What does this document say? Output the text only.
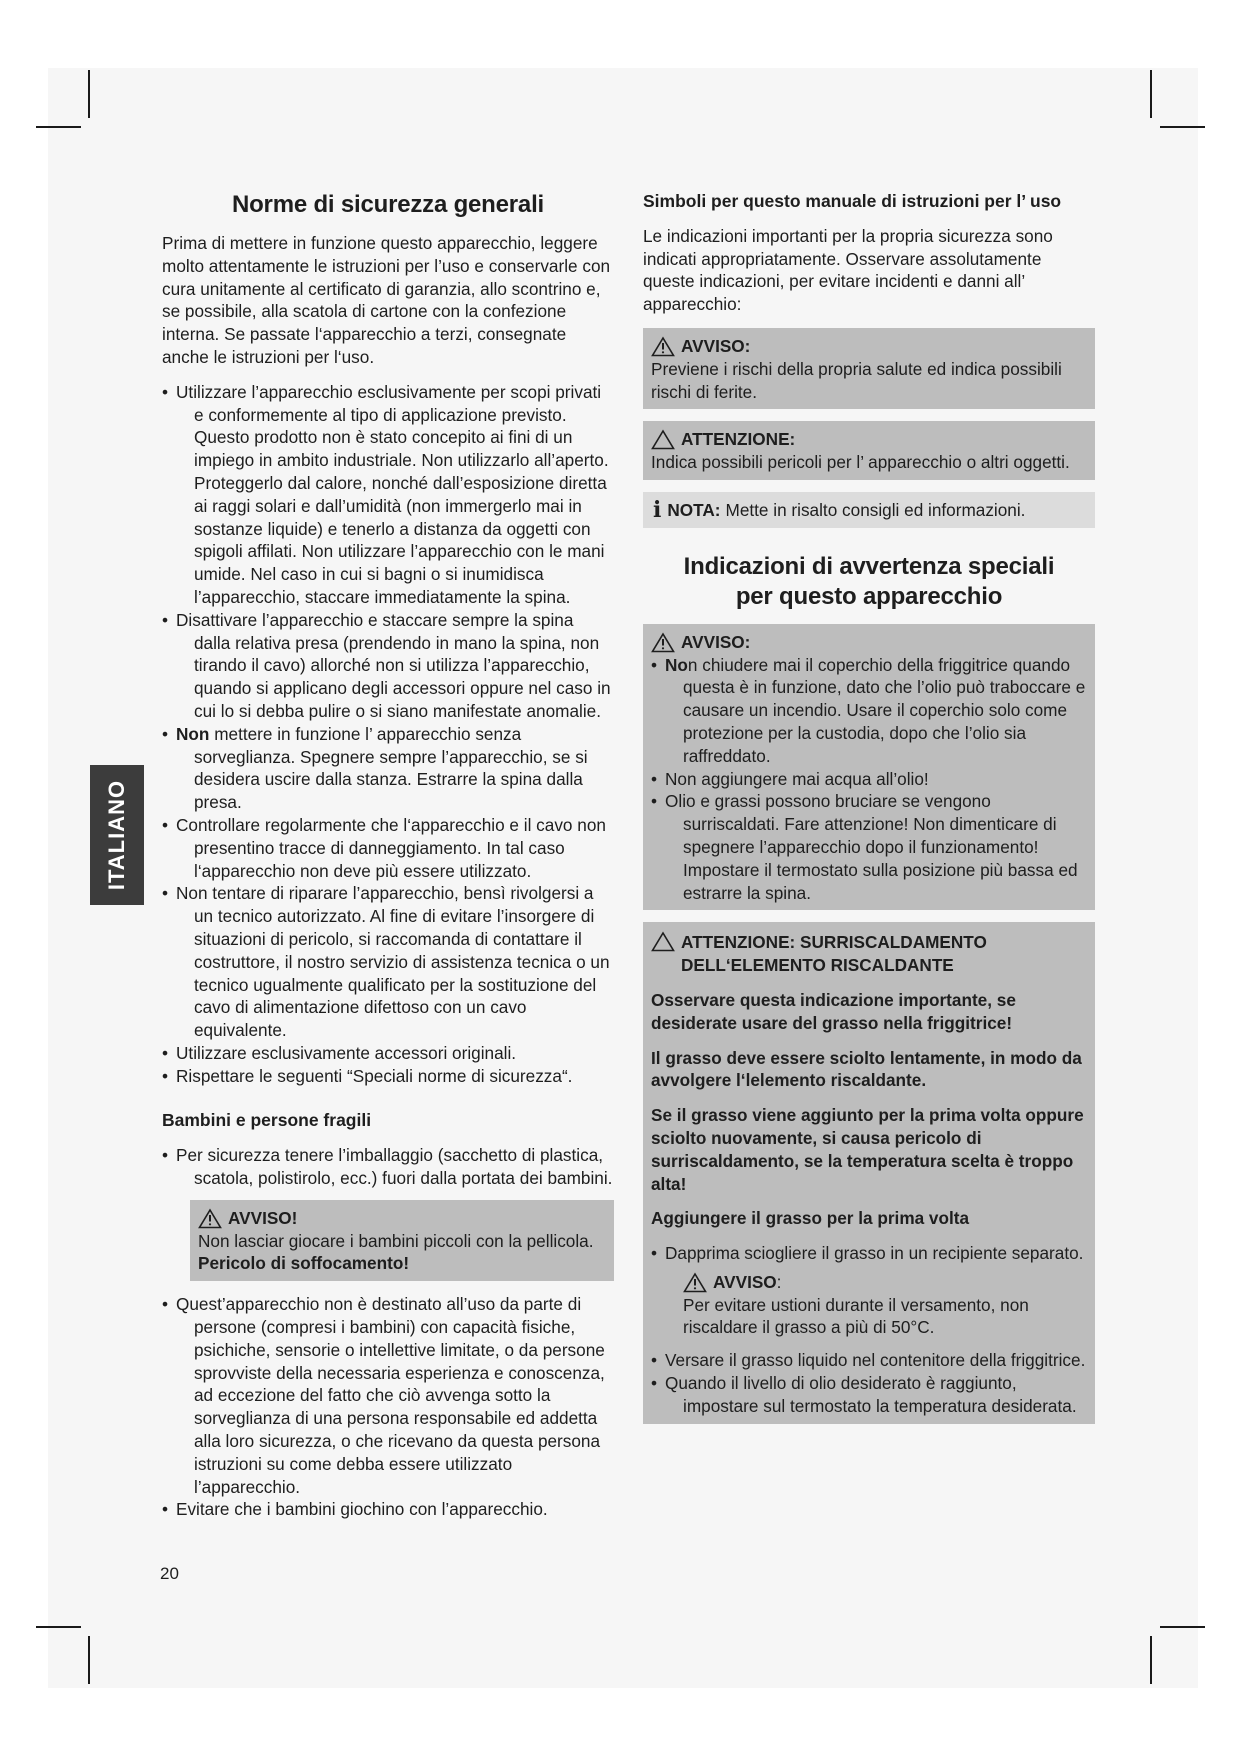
ITALIANO
Norme di sicurezza generali

Prima di mettere in funzione questo apparecchio, leggere molto attentamente le istruzioni per l’uso e conservarle con cura unitamente al certificato di garanzia, allo scontrino e, se possibile, alla scatola di cartone con la confezione interna. Se passate l‘apparecchio a terzi, consegnate anche le istruzioni per l‘uso.

• Utilizzare l’apparecchio esclusivamente per scopi privati e conformemente al tipo di applicazione previsto. Questo prodotto non è stato concepito ai fini di un impiego in ambito industriale. Non utilizzarlo all’aperto. Proteggerlo dal calore, nonché dall’esposizione diretta ai raggi solari e dall’umidità (non immergerlo mai in sostanze liquide) e tenerlo a distanza da oggetti con spigoli affilati. Non utilizzare l’apparecchio con le mani umide. Nel caso in cui si bagni o si inumidisca l’apparecchio, staccare immediatamente la spina.
• Disattivare l’apparecchio e staccare sempre la spina dalla relativa presa (prendendo in mano la spina, non tirando il cavo) allorché non si utilizza l’apparecchio, quando si applicano degli accessori oppure nel caso in cui lo si debba pulire o si siano manifestate anomalie.
• Non mettere in funzione l’ apparecchio senza sorveglianza. Spegnere sempre l’apparecchio, se si desidera uscire dalla stanza. Estrarre la spina dalla presa.
• Controllare regolarmente che l‘apparecchio e il cavo non presentino tracce di danneggiamento. In tal caso l‘apparecchio non deve più essere utilizzato.
• Non tentare di riparare l’apparecchio, bensì rivolgersi a un tecnico autorizzato. Al fine di evitare l’insorgere di situazioni di pericolo, si raccomanda di contattare il costruttore, il nostro servizio di assistenza tecnica o un tecnico ugualmente qualificato per la sostituzione del cavo di alimentazione difettoso con un cavo equivalente.
• Utilizzare esclusivamente accessori originali.
• Rispettare le seguenti “Speciali norme di sicurezza“.
Bambini e persone fragili
• Per sicurezza tenere l’imballaggio (sacchetto di plastica, scatola, polistirolo, ecc.) fuori dalla portata dei bambini.
AVVISO!
Non lasciar giocare i bambini piccoli con la pellicola.
Pericolo di soffocamento!
• Quest’apparecchio non è destinato all’uso da parte di persone (compresi i bambini) con capacità fisiche, psichiche, sensorie o intellettive limitate, o da persone sprovviste della necessaria esperienza e conoscenza, ad eccezione del fatto che ciò avvenga sotto la sorveglianza di una persona responsabile ed addetta alla loro sicurezza, o che ricevano da questa persona istruzioni su come debba essere utilizzato l’apparecchio.
• Evitare che i bambini giochino con l’apparecchio.
Simboli per questo manuale di istruzioni per l’ uso

Le indicazioni importanti per la propria sicurezza sono indicati appropriatamente. Osservare assolutamente queste indicazioni, per evitare incidenti e danni all’ apparecchio:

AVVISO:
Previene i rischi della propria salute ed indica possibili rischi di ferite.
ATTENZIONE:
Indica possibili pericoli per l’ apparecchio o altri oggetti.
i NOTA: Mette in risalto consigli ed informazioni.
Indicazioni di avvertenza speciali
per questo apparecchio
AVVISO:
• Non chiudere mai il coperchio della friggitrice quando questa è in funzione, dato che l’olio può traboccare e causare un incendio. Usare il coperchio solo come protezione per la custodia, dopo che l’olio sia raffreddato.
• Non aggiungere mai acqua all’olio!
• Olio e grassi possono bruciare se vengono surriscaldati. Fare attenzione! Non dimenticare di spegnere l’apparecchio dopo il funzionamento! Impostare il termostato sulla posizione più bassa ed estrarre la spina.
ATTENZIONE: SURRISCALDAMENTO
DELL‘ELEMENTO RISCALDANTE

Osservare questa indicazione importante, se desiderate usare del grasso nella friggitrice!

Il grasso deve essere sciolto lentamente, in modo da avvolgere l‘lelemento riscaldante.

Se il grasso viene aggiunto per la prima volta oppure sciolto nuovamente, si causa pericolo di surriscaldamento, se la temperatura scelta è troppo alta!

Aggiungere il grasso per la prima volta
• Dapprima sciogliere il grasso in un recipiente separato.
AVVISO :
Per evitare ustioni durante il versamento, non riscaldare il grasso a più di 50°C.
• Versare il grasso liquido nel contenitore della friggitrice.
• Quando il livello di olio desiderato è raggiunto, impostare sul termostato la temperatura desiderata.
20
